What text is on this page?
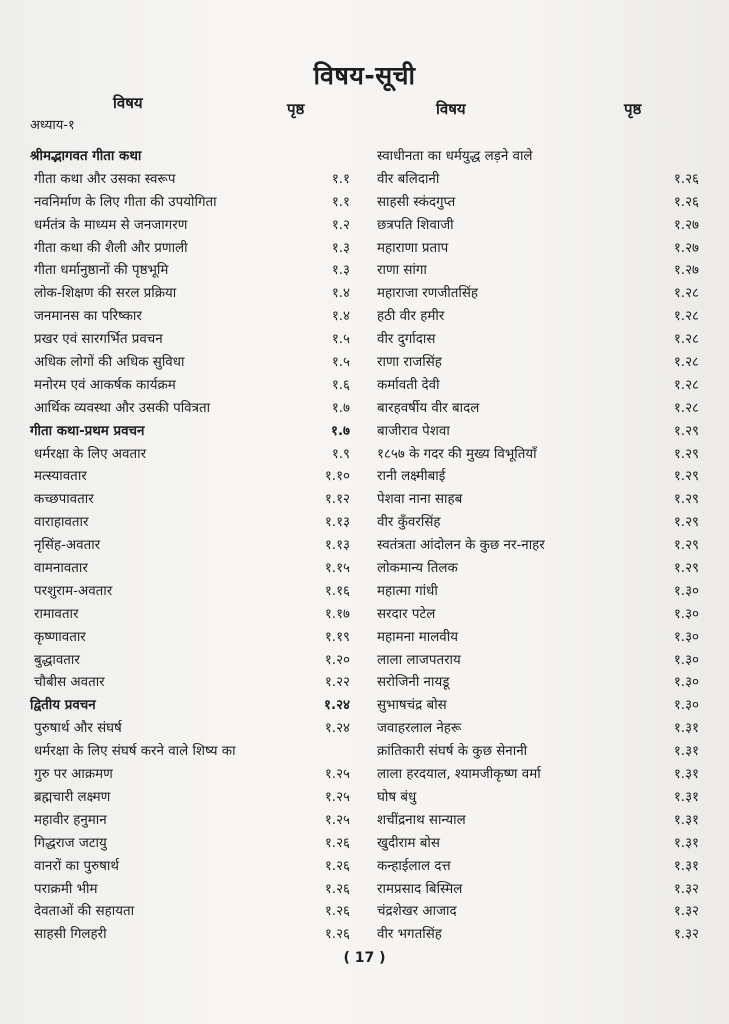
विषय-सूची
विषय	पृष्ठ	विषय	पृष्ठ
अध्याय-१
श्रीमद्भागवत गीता कथा
गीता कथा और उसका स्वरूप	१.१
नवनिर्माण के लिए गीता की उपयोगिता	१.१
धर्मतंत्र के माध्यम से जनजागरण	१.२
गीता कथा की शैली और प्रणाली	१.३
गीता धर्मानुष्ठानों की पृष्ठभूमि	१.३
लोक-शिक्षण की सरल प्रक्रिया	१.४
जनमानस का परिष्कार	१.४
प्रखर एवं सारगर्भित प्रवचन	१.५
अधिक लोगों की अधिक सुविधा	१.५
मनोरम एवं आकर्षक कार्यक्रम	१.६
आर्थिक व्यवस्था और उसकी पवित्रता	१.७
गीता कथा-प्रथम प्रवचन	१.७
धर्मरक्षा के लिए अवतार	१.९
मत्स्यावतार	१.१०
कच्छपावतार	१.१२
वाराहावतार	१.१३
नृसिंह-अवतार	१.१३
वामनावतार	१.१५
परशुराम-अवतार	१.१६
रामावतार	१.१७
कृष्णावतार	१.१९
बुद्धावतार	१.२०
चौबीस अवतार	१.२२
द्वितीय प्रवचन	१.२४
पुरुषार्थ और संघर्ष	१.२४
धर्मरक्षा के लिए संघर्ष करने वाले शिष्य का
गुरु पर आक्रमण	१.२५
ब्रह्मचारी लक्ष्मण	१.२५
महावीर हनुमान	१.२५
गिद्धराज जटायु	१.२६
वानरों का पुरुषार्थ	१.२६
पराक्रमी भीम	१.२६
देवताओं की सहायता	१.२६
साहसी गिलहरी	१.२६
स्वाधीनता का धर्मयुद्ध लड़ने वाले
वीर बलिदानी	१.२६
साहसी स्कंदगुप्त	१.२६
छत्रपति शिवाजी	१.२७
महाराणा प्रताप	१.२७
राणा सांगा	१.२७
महाराजा रणजीतसिंह	१.२८
हठी वीर हमीर	१.२८
वीर दुर्गादास	१.२८
राणा राजसिंह	१.२८
कर्मावती देवी	१.२८
बारहवर्षीय वीर बादल	१.२८
बाजीराव पेशवा	१.२९
१८५७ के गदर की मुख्य विभूतियाँ	१.२९
रानी लक्ष्मीबाई	१.२९
पेशवा नाना साहब	१.२९
वीर कुँवरसिंह	१.२९
स्वतंत्रता आंदोलन के कुछ नर-नाहर	१.२९
लोकमान्य तिलक	१.२९
महात्मा गांधी	१.३०
सरदार पटेल	१.३०
महामना मालवीय	१.३०
लाला लाजपतराय	१.३०
सरोजिनी नायडू	१.३०
सुभाषचंद्र बोस	१.३०
जवाहरलाल नेहरू	१.३१
क्रांतिकारी संघर्ष के कुछ सेनानी	१.३१
लाला हरदयाल, श्यामजीकृष्ण वर्मा	१.३१
घोष बंधु	१.३१
शचींद्रनाथ सान्याल	१.३१
खुदीराम बोस	१.३१
कन्हाईलाल दत्त	१.३१
रामप्रसाद बिस्मिल	१.३२
चंद्रशेखर आजाद	१.३२
वीर भगतसिंह	१.३२
( 17 )
